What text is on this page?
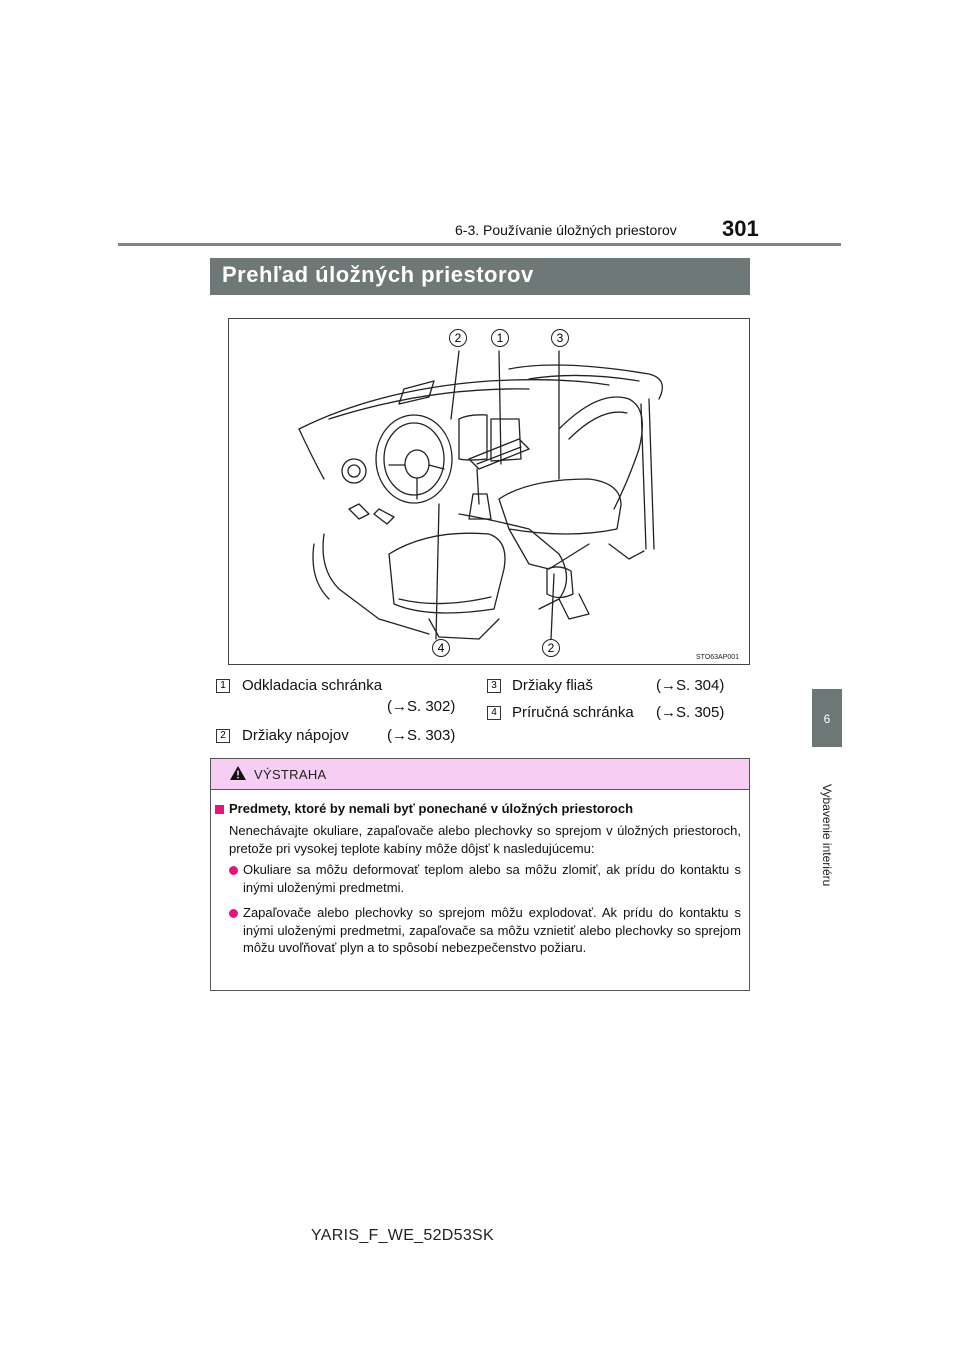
6-3. Používanie úložných priestorov 301
6
Vybavenie interiéru
Prehľad úložných priestorov
2	1	3
4	2
STO63AP001
1 Odkladacia schránka
(→S. 302)
2 Držiaky nápojov	(→S. 303)
3 Držiaky fliaš	(→S. 304)
4 Príručná schránka (→S. 305)
VÝSTRAHA
Predmety, ktoré by nemali byť ponechané v úložných priestoroch
Nenechávajte okuliare, zapaľovače alebo plechovky so sprejom v úložných priestoroch, pretože pri vysokej teplote kabíny môže dôjsť k nasledujúcemu:
Okuliare sa môžu deformovať teplom alebo sa môžu zlomiť, ak prídu do kontaktu s inými uloženými predmetmi.
Zapaľovače alebo plechovky so sprejom môžu explodovať. Ak prídu do kontaktu s inými uloženými predmetmi, zapaľovače sa môžu vznietiť alebo plechovky so sprejom môžu uvoľňovať plyn a to spôsobí nebezpečenstvo požiaru.
YARIS_F_WE_52D53SK
